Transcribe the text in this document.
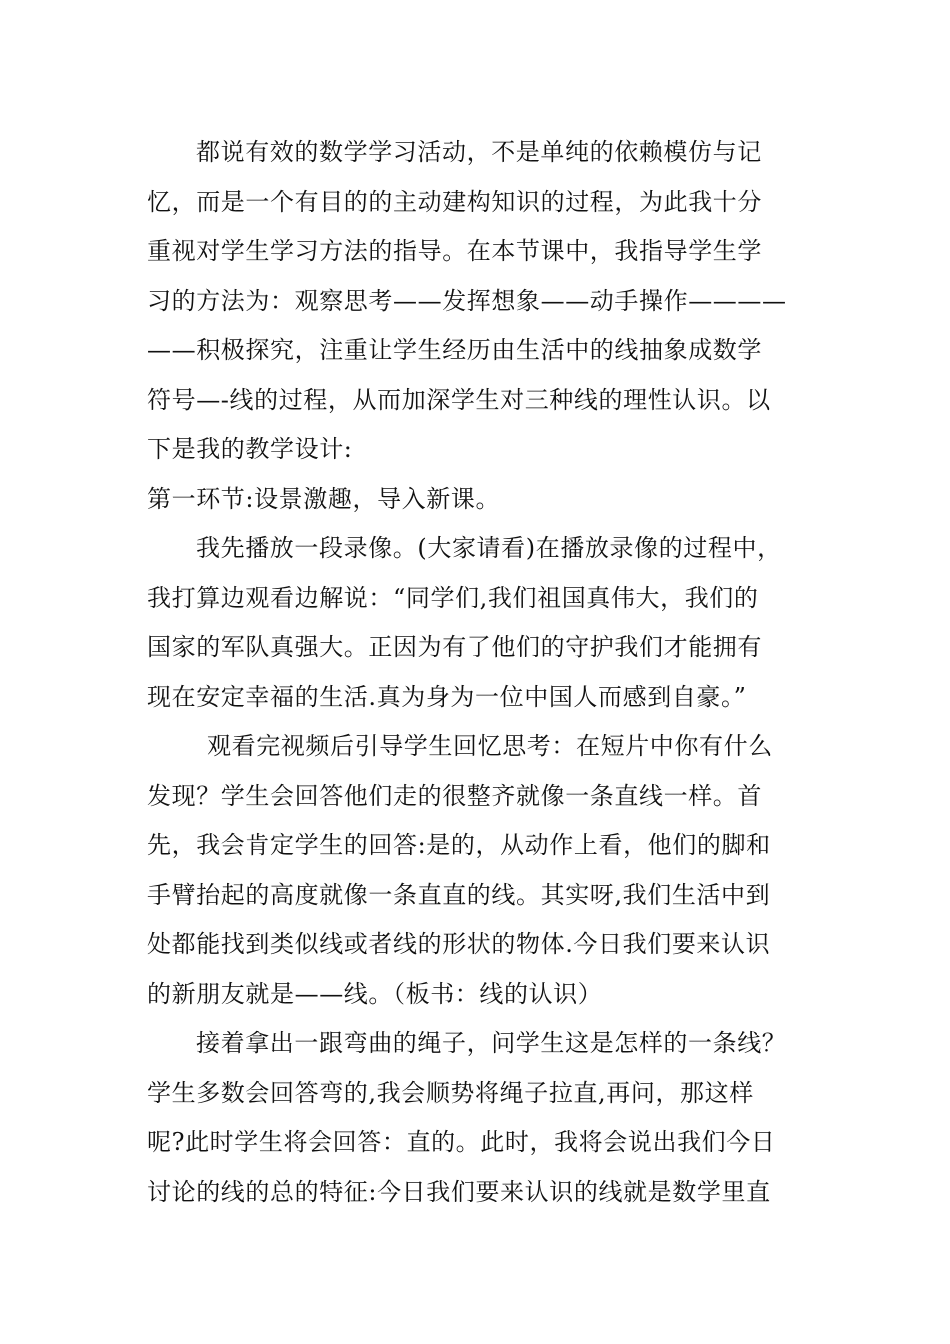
都说有效的数学学习活动，不是单纯的依赖模仿与记
忆，而是一个有目的的主动建构知识的过程，为此我十分
重视对学生学习方法的指导。在本节课中，我指导学生学
习的方法为：观察思考——发挥想象——动手操作————
——积极探究，注重让学生经历由生活中的线抽象成数学
符号—-线的过程，从而加深学生对三种线的理性认识。以
下是我的教学设计:
第一环节:设景激趣，导入新课。
我先播放一段录像。(大家请看)在播放录像的过程中，
我打算边观看边解说：“同学们,我们祖国真伟大，我们的
国家的军队真强大。正因为有了他们的守护我们才能拥有
现在安定幸福的生活.真为身为一位中国人而感到自豪。”
观看完视频后引导学生回忆思考：在短片中你有什么
发现？学生会回答他们走的很整齐就像一条直线一样。首
先，我会肯定学生的回答:是的，从动作上看，他们的脚和
手臂抬起的高度就像一条直直的线。其实呀,我们生活中到
处都能找到类似线或者线的形状的物体.今日我们要来认识
的新朋友就是——线。（板书：线的认识）
接着拿出一跟弯曲的绳子，问学生这是怎样的一条线？
学生多数会回答弯的,我会顺势将绳子拉直,再问，那这样
呢?此时学生将会回答：直的。此时，我将会说出我们今日
讨论的线的总的特征:今日我们要来认识的线就是数学里直
